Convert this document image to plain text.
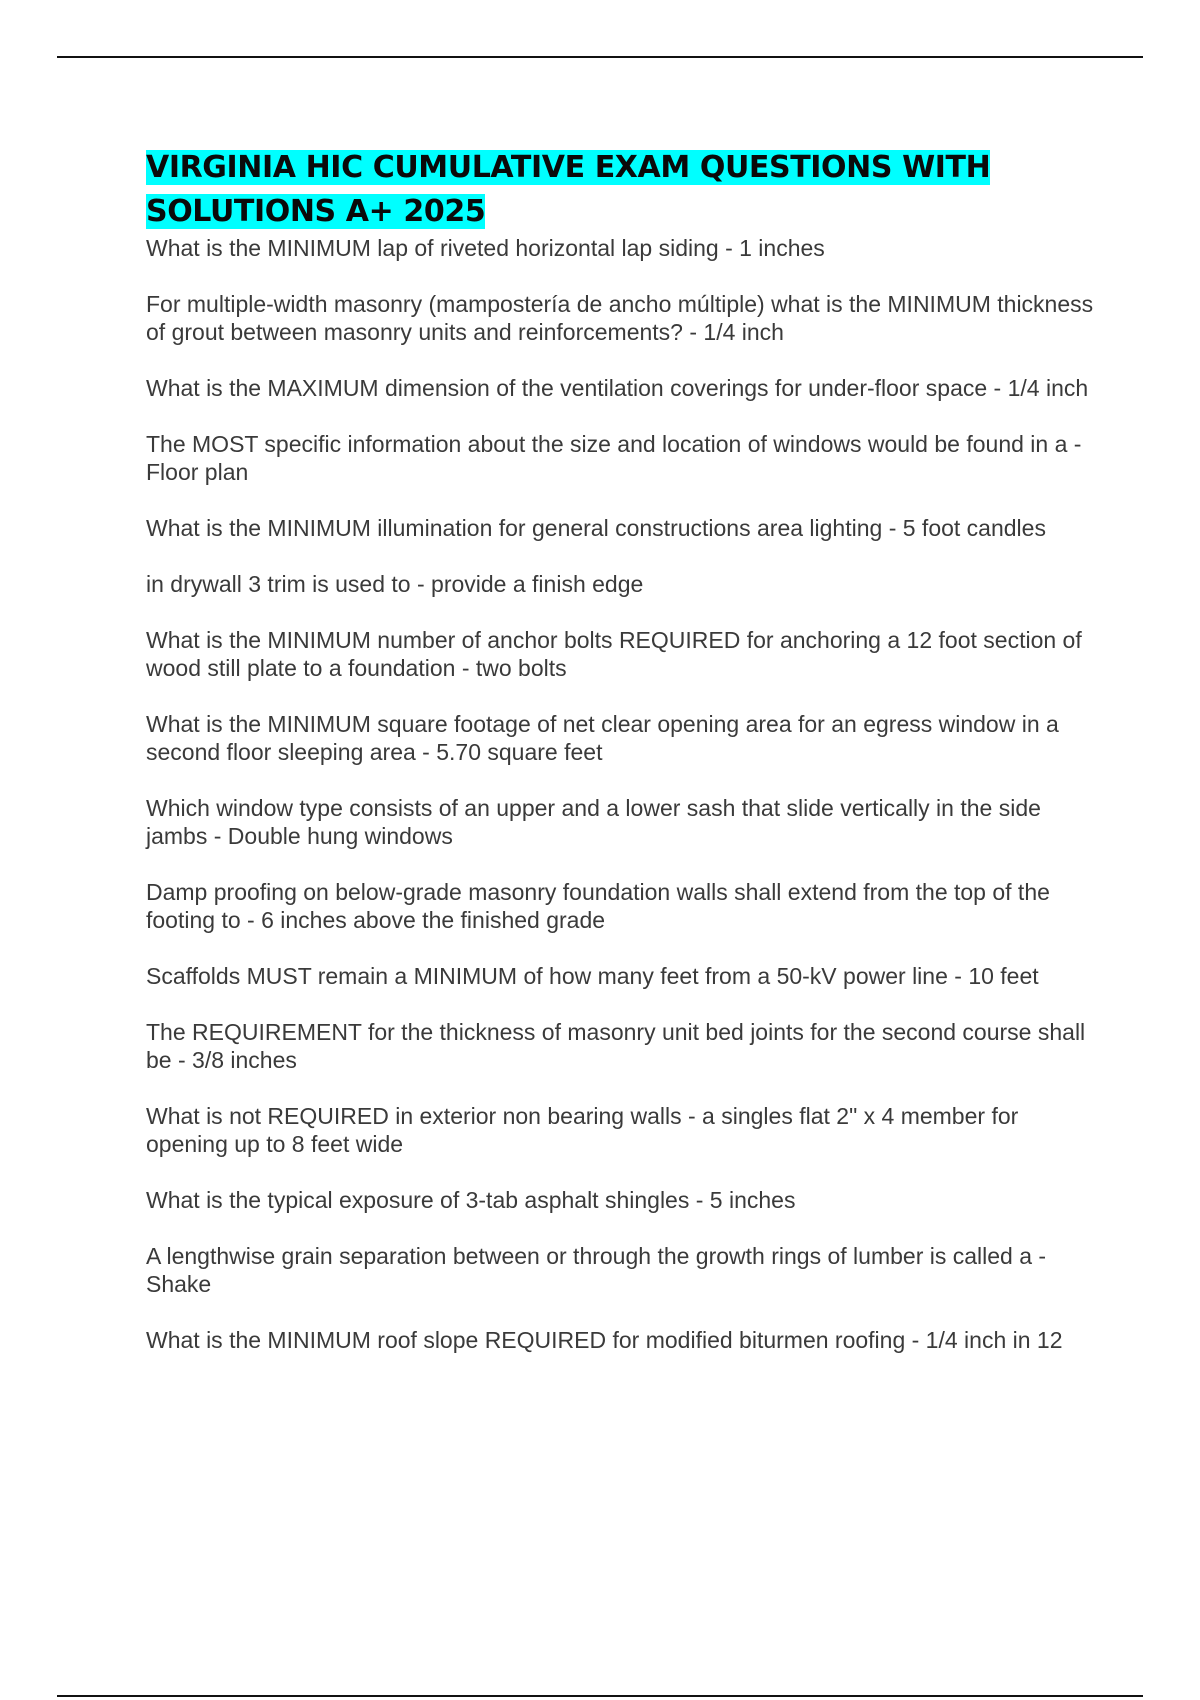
VIRGINIA HIC CUMULATIVE EXAM QUESTIONS WITH SOLUTIONS A+ 2025
What is the MINIMUM lap of riveted horizontal lap siding - 1 inches
For multiple-width masonry (mampostería de ancho múltiple) what is the MINIMUM thickness of grout between masonry units and reinforcements? - 1/4 inch
What is the MAXIMUM dimension of the ventilation coverings for under-floor space - 1/4 inch
The MOST specific information about the size and location of windows would be found in a - Floor plan
What is the MINIMUM illumination for general constructions area lighting - 5 foot candles
in drywall 3 trim is used to - provide a finish edge
What is the MINIMUM number of anchor bolts REQUIRED for anchoring a 12 foot section of wood still plate to a foundation - two bolts
What is the MINIMUM square footage of net clear opening area for an egress window in a second floor sleeping area - 5.70 square feet
Which window type consists of an upper and a lower sash that slide vertically in the side jambs - Double hung windows
Damp proofing on below-grade masonry foundation walls shall extend from the top of the footing to - 6 inches above the finished grade
Scaffolds MUST remain a MINIMUM of how many feet from a 50-kV power line - 10 feet
The REQUIREMENT for the thickness of masonry unit bed joints for the second course shall be - 3/8 inches
What is not REQUIRED in exterior non bearing walls - a singles flat 2" x 4 member for opening up to 8 feet wide
What is the typical exposure of 3-tab asphalt shingles - 5 inches
A lengthwise grain separation between or through the growth rings of lumber is called a - Shake
What is the MINIMUM roof slope REQUIRED for modified biturmen roofing - 1/4 inch in 12
